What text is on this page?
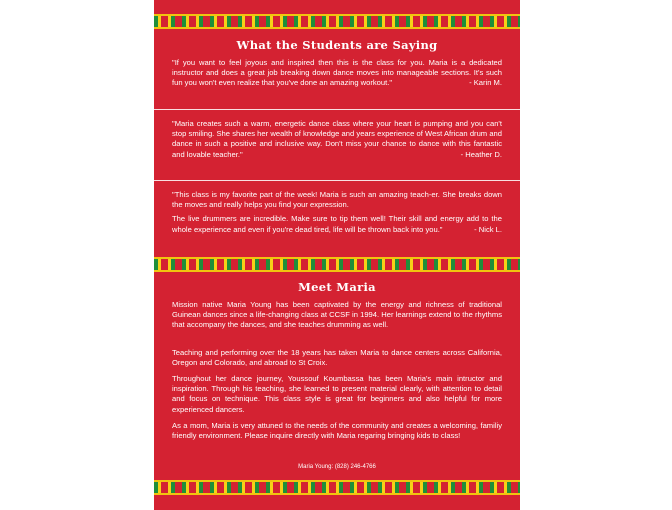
What the Students are Saying
"If you want to feel joyous and inspired then this is the class for you. Maria is a dedicated instructor and does a great job breaking down dance moves into manageable sections. It's such fun you won't even realize that you've done an amazing workout."	- Karin M.
"Maria creates such a warm, energetic dance class where your heart is pumping and you can't stop smiling. She shares her wealth of knowledge and years experience of West African drum and dance in such a positive and inclusive way. Don't miss your chance to dance with this fantastic and lovable teacher."	- Heather D.
"This class is my favorite part of the week! Maria is such an amazing teach-er. She breaks down the moves and really helps you find your expression.
The live drummers are incredible. Make sure to tip them well! Their skill and energy add to the whole experience and even if you're dead tired, life will be thrown back into you."	- Nick L.
Meet Maria
Mission native Maria Young has been captivated by the energy and richness of traditional Guinean dances since a life-changing class at CCSF in 1994. Her learnings extend to the rhythms that accompany the dances, and she teaches drumming as well.
Teaching and performing over the 18 years has taken Maria to dance centers across California, Oregon and Colorado, and abroad to St Croix.
Throughout her dance journey, Youssouf Koumbassa has been Maria's main intructor and inspiration. Through his teaching, she learned to present material clearly, with attention to detail and focus on technique. This class style is great for beginners and also helpful for more experienced dancers.
As a mom, Maria is very attuned to the needs of the community and creates a welcoming, familiy friendly environment. Please inquire directly with Maria regaring bringing kids to class!
Maria Young: (828) 246-4766
